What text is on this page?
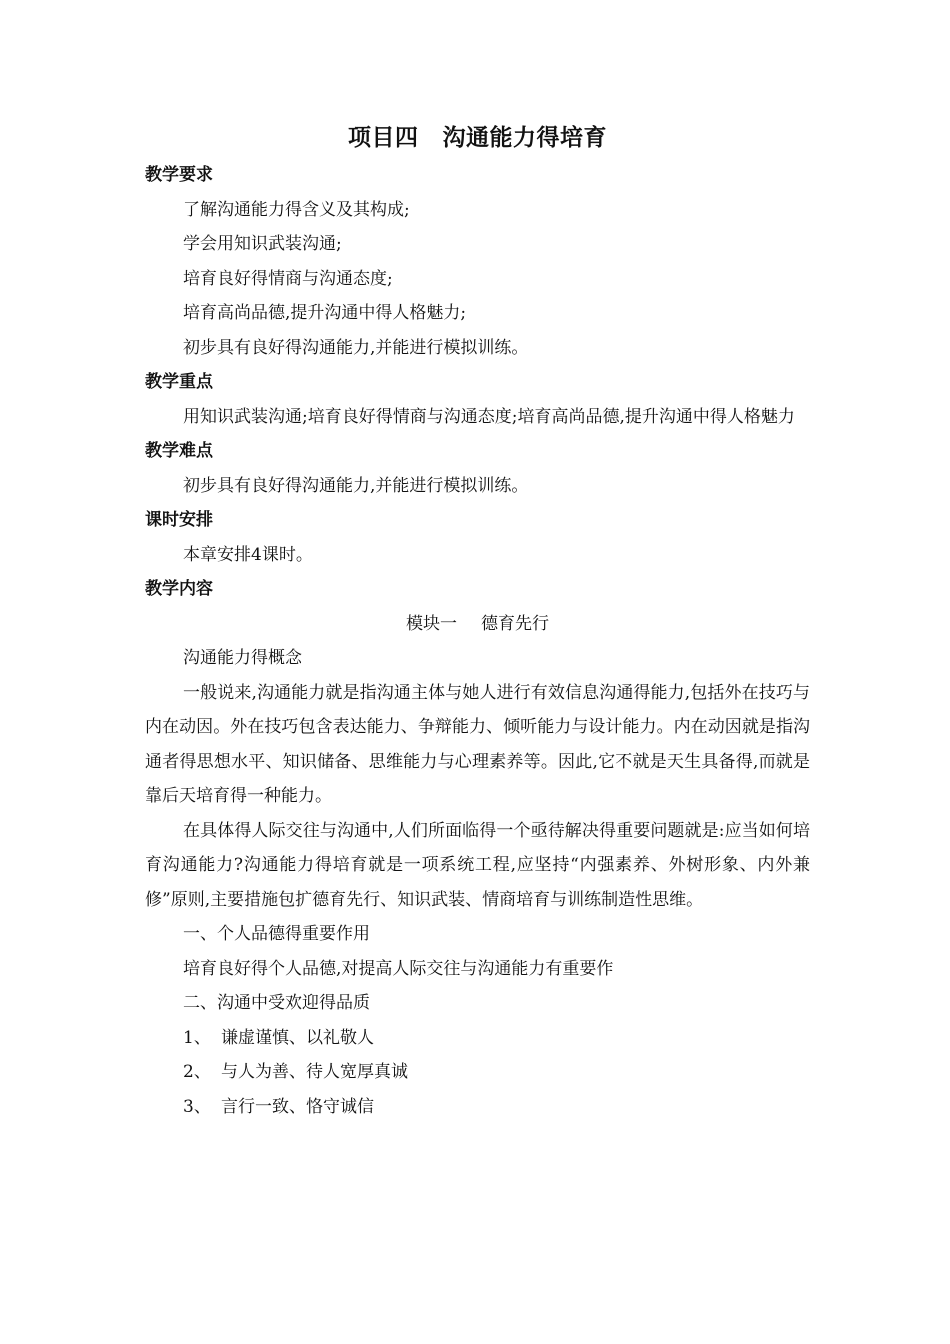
项目四 沟通能力得培育
教学要求

了解沟通能力得含义及其构成;

学会用知识武装沟通;

培育良好得情商与沟通态度;

培育高尚品德,提升沟通中得人格魅力;

初步具有良好得沟通能力,并能进行模拟训练。

教学重点

用知识武装沟通;培育良好得情商与沟通态度;培育高尚品德,提升沟通中得人格魅力

教学难点

初步具有良好得沟通能力,并能进行模拟训练。

课时安排

本章安排4课时。

教学内容

模块一 德育先行

沟通能力得概念

一般说来,沟通能力就是指沟通主体与她人进行有效信息沟通得能力,包括外在技巧与内在动因。外在技巧包含表达能力、争辩能力、倾听能力与设计能力。内在动因就是指沟通者得思想水平、知识储备、思维能力与心理素养等。因此,它不就是天生具备得,而就是靠后天培育得一种能力。

在具体得人际交往与沟通中,人们所面临得一个亟待解决得重要问题就是:应当如何培育沟通能力?沟通能力得培育就是一项系统工程,应坚持“内强素养、外树形象、内外兼修”原则,主要措施包扩德育先行、知识武装、情商培育与训练制造性思维。

一、个人品德得重要作用

培育良好得个人品德,对提高人际交往与沟通能力有重要作

二、沟通中受欢迎得品质

1、 谦虚谨慎、以礼敬人

2、 与人为善、待人宽厚真诚

3、 言行一致、恪守诚信
